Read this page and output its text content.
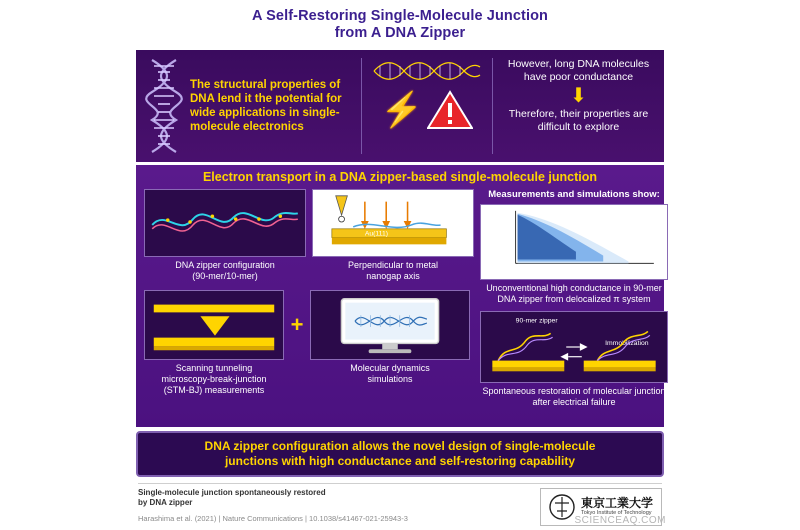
A Self-Restoring Single-Molecule Junction
from A DNA Zipper
The structural properties of DNA lend it the potential for wide applications in single-molecule electronics	⚡
However, long DNA molecules have poor conductance
⬇
Therefore, their properties are difficult to explore
Electron transport in a DNA zipper-based single-molecule junction
DNA zipper configuration
(90-mer/10-mer)
STM tip
dsDNA
Au(111)
STM substrate
Perpendicular to metal
nanogap axis
Scanning tunneling
microscopy-break-junction
(STM-BJ) measurements
+
Molecular dynamics
simulations
Measurements and simulations show:
G (G₀)
10⁰
10⁻¹
10⁻²
10⁻³
10⁻⁴
0.0	0.2	0.4	0.6
Unconventional high conductance in 90-mer DNA zipper from delocalized π system
90-mer zipper
Immobilization
Spontaneous restoration of molecular junction after electrical failure
DNA zipper configuration allows the novel design of single-molecule
junctions with high conductance and self-restoring capability
Single-molecule junction spontaneously restored
by DNA zipper
Harashima et al. (2021) | Nature Communications | 10.1038/s41467-021-25943-3
東京工業大学
Tokyo Institute of Technology
SCIENCEAQ.COM
